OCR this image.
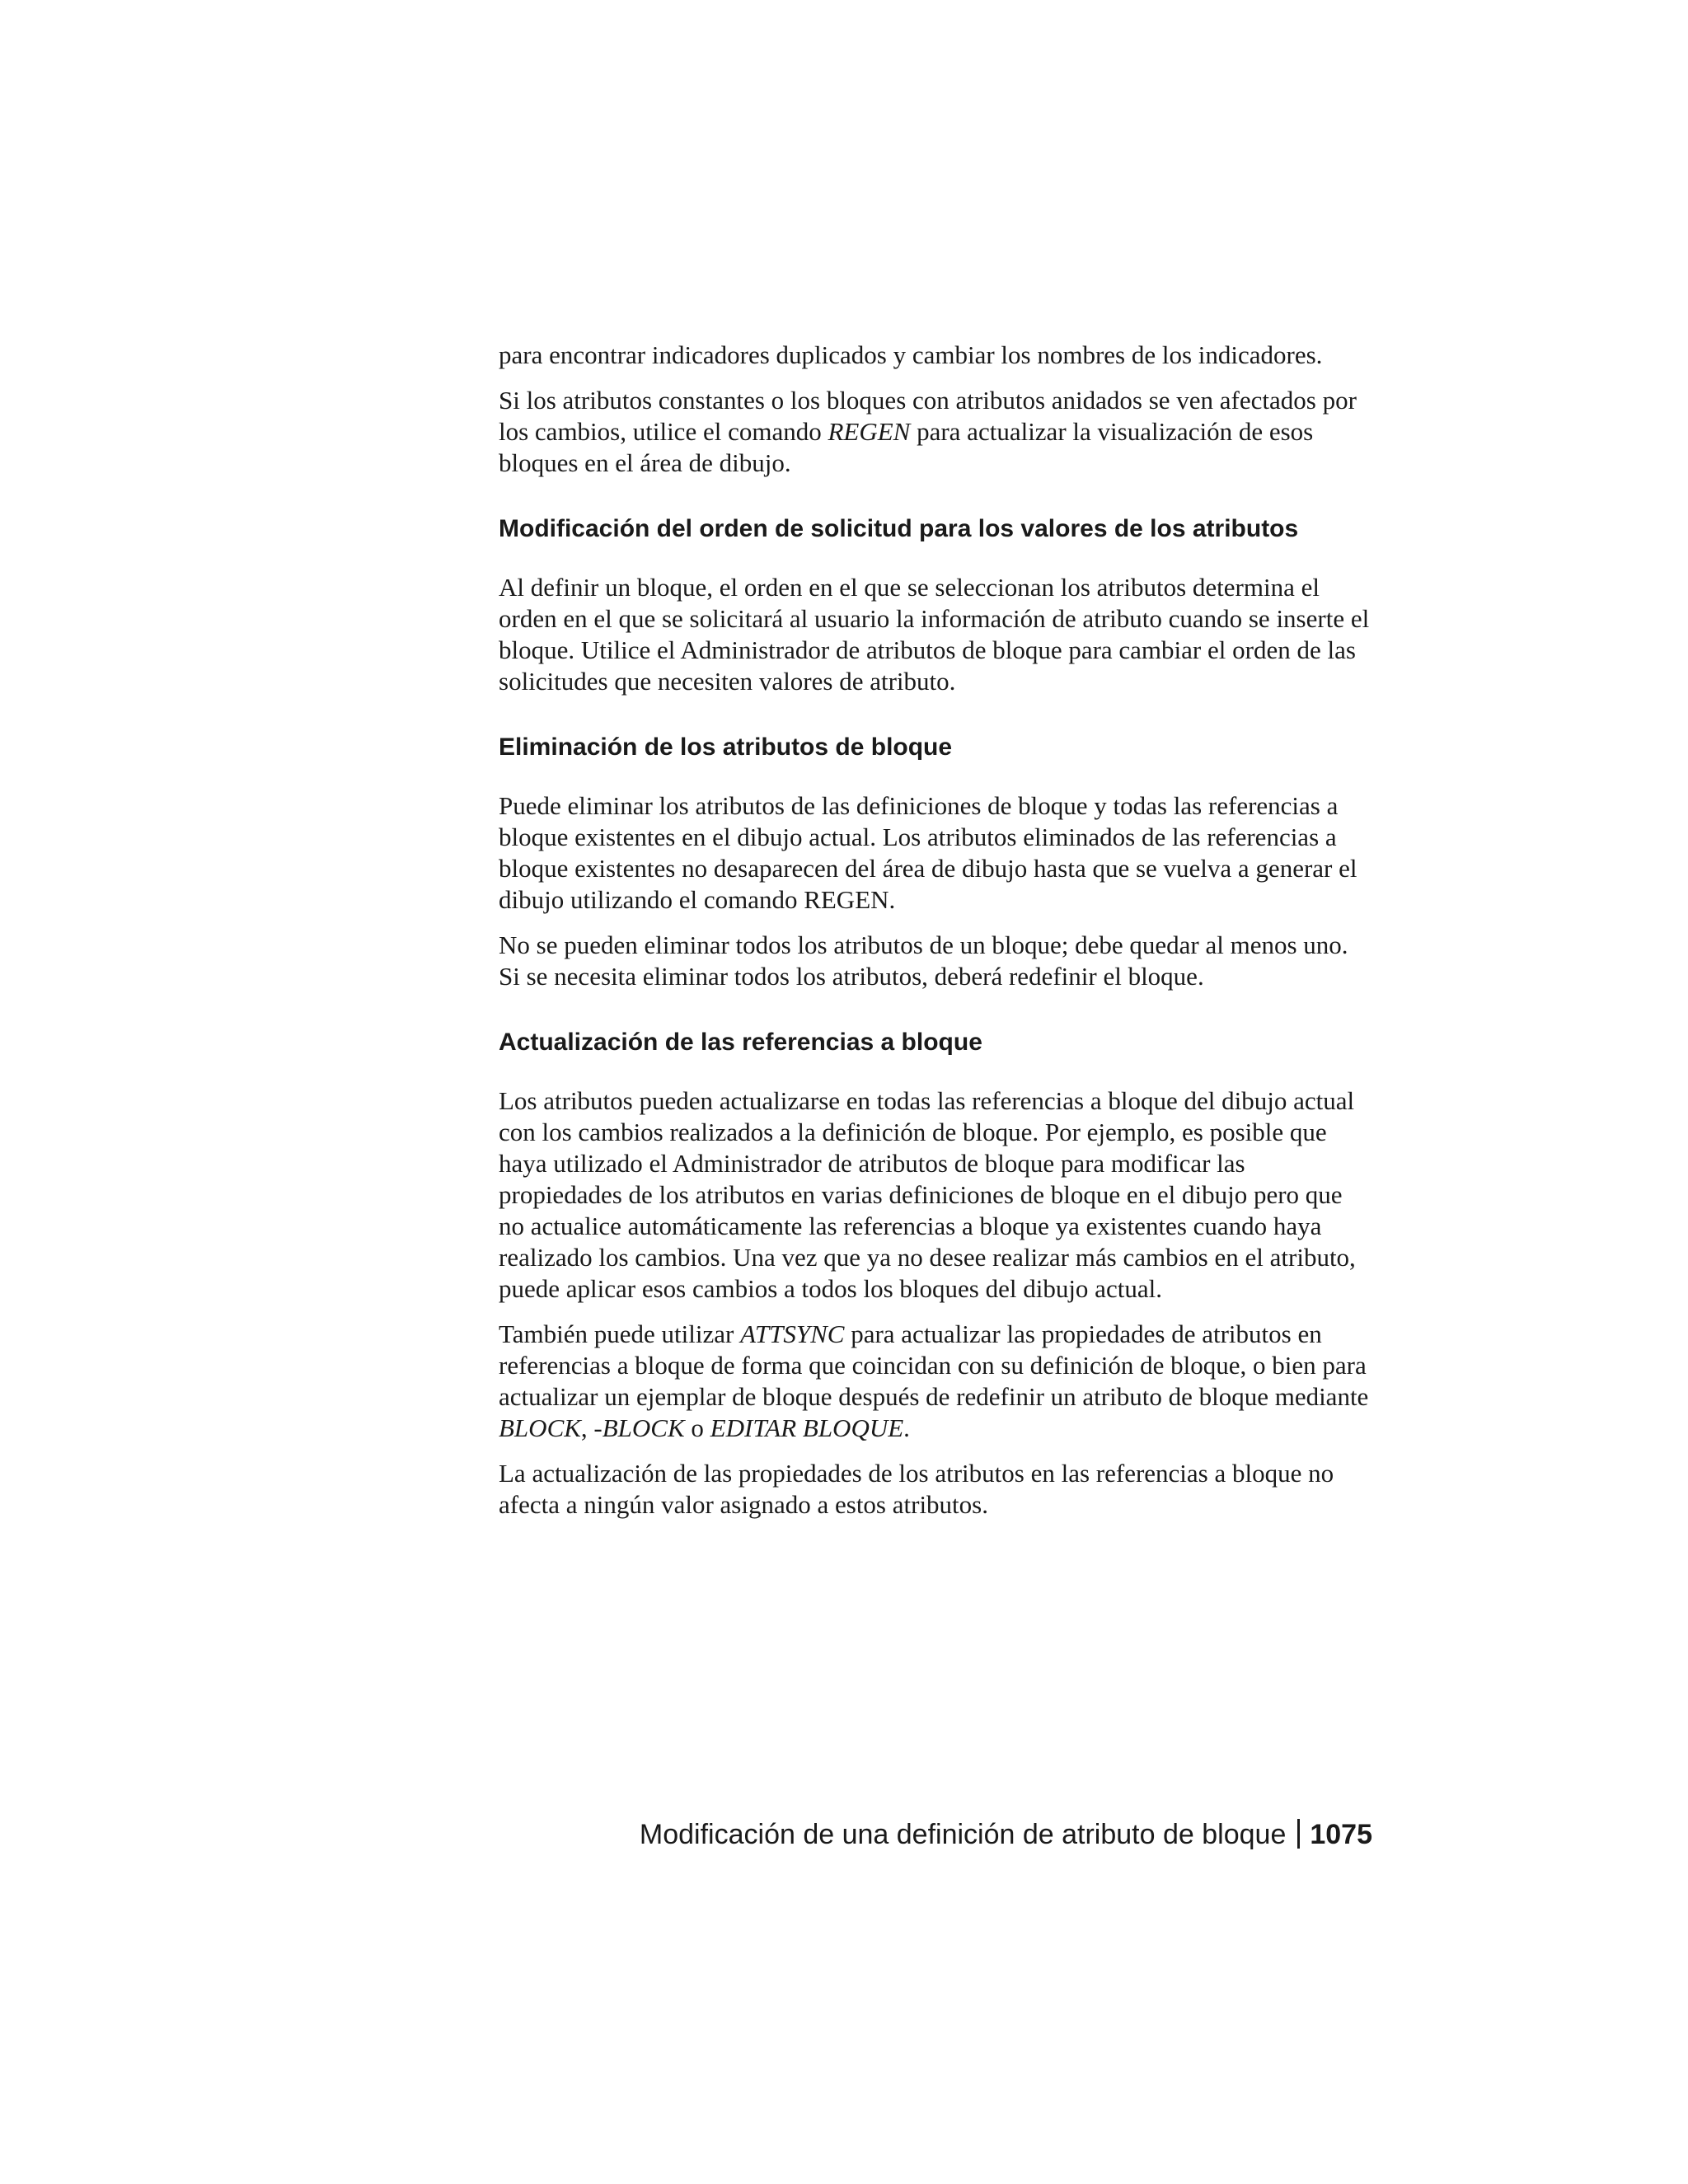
para encontrar indicadores duplicados y cambiar los nombres de los indicadores.

Si los atributos constantes o los bloques con atributos anidados se ven afectados por los cambios, utilice el comando REGEN para actualizar la visualización de esos bloques en el área de dibujo.

Modificación del orden de solicitud para los valores de los atributos

Al definir un bloque, el orden en el que se seleccionan los atributos determina el orden en el que se solicitará al usuario la información de atributo cuando se inserte el bloque. Utilice el Administrador de atributos de bloque para cambiar el orden de las solicitudes que necesiten valores de atributo.

Eliminación de los atributos de bloque

Puede eliminar los atributos de las definiciones de bloque y todas las referencias a bloque existentes en el dibujo actual. Los atributos eliminados de las referencias a bloque existentes no desaparecen del área de dibujo hasta que se vuelva a generar el dibujo utilizando el comando REGEN.

No se pueden eliminar todos los atributos de un bloque; debe quedar al menos uno. Si se necesita eliminar todos los atributos, deberá redefinir el bloque.

Actualización de las referencias a bloque

Los atributos pueden actualizarse en todas las referencias a bloque del dibujo actual con los cambios realizados a la definición de bloque. Por ejemplo, es posible que haya utilizado el Administrador de atributos de bloque para modificar las propiedades de los atributos en varias definiciones de bloque en el dibujo pero que no actualice automáticamente las referencias a bloque ya existentes cuando haya realizado los cambios. Una vez que ya no desee realizar más cambios en el atributo, puede aplicar esos cambios a todos los bloques del dibujo actual.

También puede utilizar ATTSYNC para actualizar las propiedades de atributos en referencias a bloque de forma que coincidan con su definición de bloque, o bien para actualizar un ejemplar de bloque después de redefinir un atributo de bloque mediante BLOCK, -BLOCK o EDITAR BLOQUE.

La actualización de las propiedades de los atributos en las referencias a bloque no afecta a ningún valor asignado a estos atributos.

Modificación de una definición de atributo de bloque 1075
